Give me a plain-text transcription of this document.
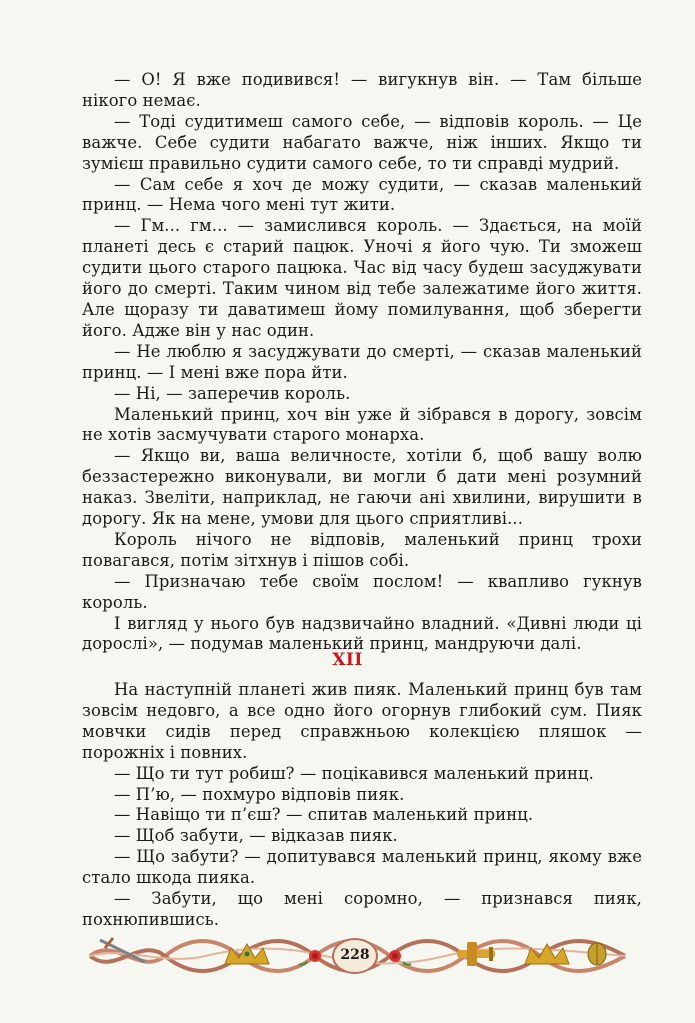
— О! Я вже подивився! — вигукнув він. — Там більше нікого немає.

— Тоді судитимеш самого себе, — відповів король. — Це важче. Себе судити набагато важче, ніж інших. Якщо ти зумієш правильно судити самого себе, то ти справді мудрий.

— Сам себе я хоч де можу судити, — сказав маленький принц. — Нема чого мені тут жити.

— Гм... гм... — замислився король. — Здається, на моїй планеті десь є старий пацюк. Уночі я його чую. Ти зможеш судити цього старого пацюка. Час від часу будеш засуджувати його до смерті. Таким чином від тебе залежатиме його життя. Але щоразу ти даватимеш йому помилування, щоб зберегти його. Адже він у нас один.

— Не люблю я засуджувати до смерті, — сказав маленький принц. — І мені вже пора йти.

— Ні, — заперечив король.

Маленький принц, хоч він уже й зібрався в дорогу, зовсім не хотів засмучувати старого монарха.

— Якщо ви, ваша величносте, хотіли б, щоб вашу волю беззастережно виконували, ви могли б дати мені розумний наказ. Звеліти, наприклад, не гаючи ані хвилини, вирушити в дорогу. Як на мене, умови для цього сприятливі...

Король нічого не відповів, маленький принц трохи повагався, потім зітхнув і пішов собі.

— Призначаю тебе своїм послом! — квапливо гукнув король.

І вигляд у нього був надзвичайно владний. «Дивні люди ці дорослі», — подумав маленький принц, мандруючи далі.

XII

На наступній планеті жив пияк. Маленький принц був там зовсім недовго, а все одно його огорнув глибокий сум. Пияк мовчки сидів перед справжньою колекцією пляшок — порожніх і повних.

— Що ти тут робиш? — поцікавився маленький принц.

— П’ю, — похмуро відповів пияк.

— Навіщо ти п’єш? — спитав маленький принц.

— Щоб забути, — відказав пияк.

— Що забути? — допитувався маленький принц, якому вже стало шкода пияка.

— Забути, що мені соромно, — признався пияк, похнюпившись.

228
